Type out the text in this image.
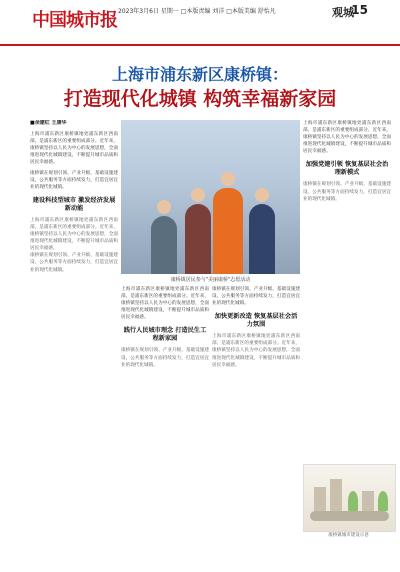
中国城市报 2023年3月6日 星期一 □本版责编 刘洋 □本版美编 舒怡凡	观城
15
上海市浦东新区康桥镇：
打造现代化城镇 构筑幸福新家园
■余建红 王康华

上海市浦东新区康桥镇地处浦东新区西南部，是浦东新区的重要组成部分。近年来，康桥镇坚持以人民为中心的发展思想，全面推进现代化城镇建设，不断提升城市品质和居民幸福感。

康桥镇在规划引领、产业升级、基础设施建设、公共服务等方面持续发力，打造宜居宜业的现代化城镇。

建设科技型城市 激发经济发展新动能

上海市浦东新区康桥镇地处浦东新区西南部，是浦东新区的重要组成部分。近年来，康桥镇坚持以人民为中心的发展思想，全面推进现代化城镇建设，不断提升城市品质和居民幸福感。

康桥镇在规划引领、产业升级、基础设施建设、公共服务等方面持续发力，打造宜居宜业的现代化城镇。

康桥镇居民参与"美丽康桥"志愿活动

上海市浦东新区康桥镇地处浦东新区西南部，是浦东新区的重要组成部分。近年来，康桥镇坚持以人民为中心的发展思想，全面推进现代化城镇建设，不断提升城市品质和居民幸福感。

践行人民城市理念 打造民生工程新家园

康桥镇在规划引领、产业升级、基础设施建设、公共服务等方面持续发力，打造宜居宜业的现代化城镇。

康桥镇在规划引领、产业升级、基础设施建设、公共服务等方面持续发力，打造宜居宜业的现代化城镇。

加快更新改造 恢复基层社会活力氛围

上海市浦东新区康桥镇地处浦东新区西南部，是浦东新区的重要组成部分。近年来，康桥镇坚持以人民为中心的发展思想，全面推进现代化城镇建设，不断提升城市品质和居民幸福感。

上海市浦东新区康桥镇地处浦东新区西南部，是浦东新区的重要组成部分。近年来，康桥镇坚持以人民为中心的发展思想，全面推进现代化城镇建设，不断提升城市品质和居民幸福感。

加强党建引领 恢复基层社会治理新模式

康桥镇在规划引领、产业升级、基础设施建设、公共服务等方面持续发力，打造宜居宜业的现代化城镇。

康桥镇城市建设示意
